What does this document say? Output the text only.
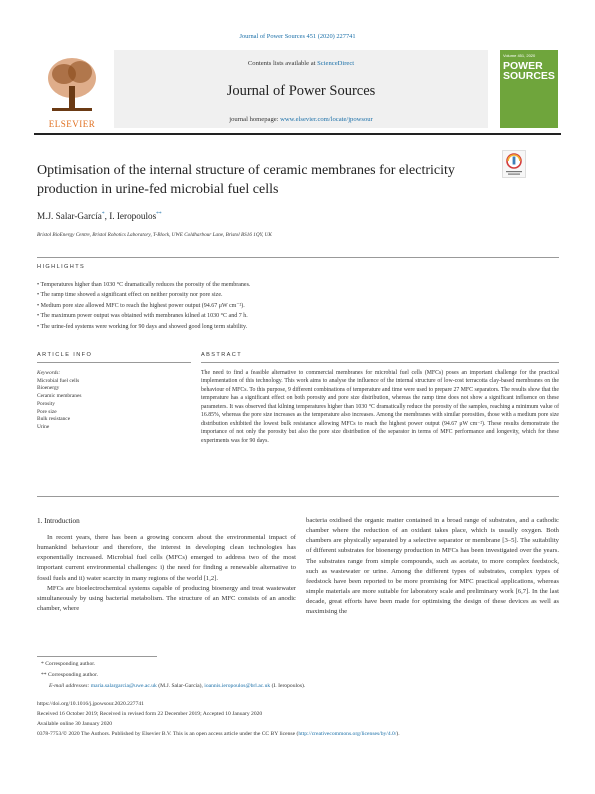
Journal of Power Sources 451 (2020) 227741
ELSEVIER
Contents lists available at ScienceDirect
Journal of Power Sources
journal homepage: www.elsevier.com/locate/jpowsour
Volume 451, 2020
POWER SOURCES
Optimisation of the internal structure of ceramic membranes for electricity production in urine-fed microbial fuel cells
M.J. Salar-García*, I. Ieropoulos**
Bristol BioEnergy Centre, Bristol Robotics Laboratory, T-Block, UWE Coldharbour Lane, Bristol BS16 1QY, UK
HIGHLIGHTS
• Temperatures higher than 1030 °C dramatically reduces the porosity of the membranes.
• The ramp time showed a significant effect on neither porosity nor pore size.
• Medium pore size allowed MFC to reach the highest power output (94.67 μW cm⁻²).
• The maximum power output was obtained with membranes kilned at 1030 °C and 7 h.
• The urine-fed systems were working for 90 days and showed good long term stability.
ARTICLE INFO	ABSTRACT
Keywords:
Microbial fuel cells
Bioenergy
Ceramic membranes
Porosity
Pore size
Bulk resistance
Urine
The need to find a feasible alternative to commercial membranes for microbial fuel cells (MFCs) poses an important challenge for the practical implementation of this technology. This work aims to analyse the influence of the internal structure of low-cost terracotta clay-based membranes on the behaviour of MFCs. To this purpose, 9 different combinations of temperature and time were used to prepare 27 MFC separators. The results show that the temperature has a significant effect on both porosity and pore size distribution, whereas the ramp time does not show a significant influence on these parameters. It was observed that kilning temperatures higher than 1030 °C dramatically reduce the porosity of the samples, reaching a minimum value of 16.85%, whereas the pore size increases as the temperature also increases. Among the membranes with similar porosities, those with a medium pore size distribution exhibited the lowest bulk resistance allowing MFCs to reach the highest power output (94.67 μW cm⁻²). These results demonstrate the importance of not only the porosity but also the pore size distribution of the separator in terms of MFC performance and longevity, which for these experiments was for 90 days.
1. Introduction

In recent years, there has been a growing concern about the environmental impact of humankind behaviour and therefore, the interest in developing clean technologies has exponentially increased. Microbial fuel cells (MFCs) emerged to address two of the most important current environmental challenges: i) the need for finding a renewable alternative to fossil fuels and ii) water scarcity in many regions of the world [1,2].

MFCs are bioelectrochemical systems capable of producing bioenergy and treat wastewater simultaneously by using bacterial metabolism. The structure of an MFC consists of an anodic chamber, where

bacteria oxidised the organic matter contained in a broad range of substrates, and a cathodic chamber where the reduction of an oxidant takes place, which is usually oxygen. Both chambers are physically separated by a selective separator or membrane [3–5]. The suitability of different substrates for bioenergy production in MFCs has been investigated over the years. The substrates range from simple compounds, such as acetate, to more complex feedstock, such as wastewater or urine. Among the different types of substrates, complex types of feedstock have been reported to be more promising for MFC practical applications, whereas simple materials are more suitable for laboratory scale and preliminary work [6,7]. In the last decade, great efforts have been made for optimising the design of these devices as well as maximising the

* Corresponding author.
** Corresponding author.
E-mail addresses: maria.salargarcia@uwe.ac.uk (M.J. Salar-García), ioannis.ieropoulos@brl.ac.uk (I. Ieropoulos).
https://doi.org/10.1016/j.jpowsour.2020.227741
Received 16 October 2019; Received in revised form 22 December 2019; Accepted 10 January 2020
Available online 30 January 2020
0378-7753/© 2020 The Authors. Published by Elsevier B.V. This is an open access article under the CC BY license (http://creativecommons.org/licenses/by/4.0/).
